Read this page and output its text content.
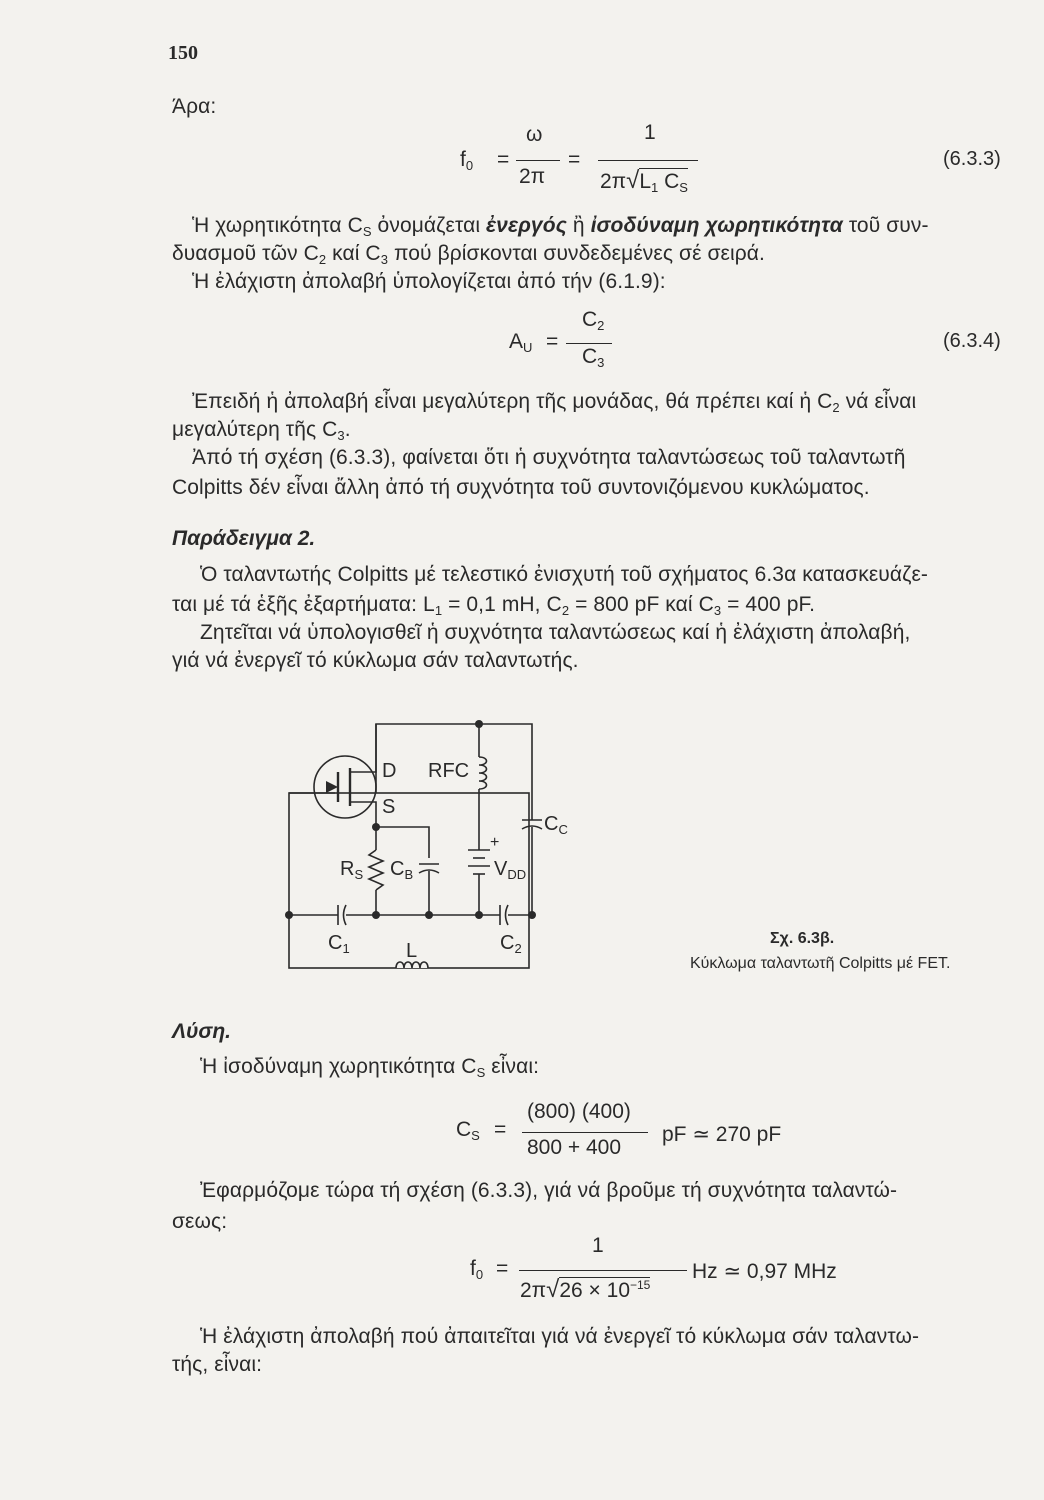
150
Άρα:
$f_0$ =
ω
2π
=
1
$2\pi√L_1$ $C_S$
(6.3.3)
Ἡ χωρητικότητα $C_S$ ὀνομάζεται ἐνεργός ἢ ἰσοδύναμη χωρητικότητα τοῦ συν-
δυασμοῦ τῶν $C_2$ καί $C_3$ πού βρίσκονται συνδεδεμένες σέ σειρά.
Ἡ ἐλάχιστη ἀπολαβή ὑπολογίζεται ἀπό τήν (6.1.9):
$A_U$ =
$C_2$
$C_3$
(6.3.4)
Ἐπειδή ἡ ἀπολαβή εἶναι μεγαλύτερη τῆς μονάδας, θά πρέπει καί ἡ $C_2$ νά εἶναι
μεγαλύτερη τῆς $C_3$.
Ἀπό τή σχέση (6.3.3), φαίνεται ὅτι ἡ συχνότητα ταλαντώσεως τοῦ ταλαντωτῆ
Colpitts δέν εἶναι ἄλλη ἀπό τή συχνότητα τοῦ συντονιζόμενου κυκλώματος.
Παράδειγμα 2.
Ὁ ταλαντωτής Colpitts μέ τελεστικό ἐνισχυτή τοῦ σχήματος 6.3α κατασκευάζε-
ται μέ τά ἑξῆς ἐξαρτήματα: $L_1 = 0,1$ mH, $C_2 = 800$ pF καί $C_3 = 400$ pF.
Ζητεῖται νά ὑπολογισθεῖ ἡ συχνότητα ταλαντώσεως καί ἡ ἐλάχιστη ἀπολαβή,
γιά νά ἐνεργεῖ τό κύκλωμα σάν ταλαντωτής.
D
S
RFC
$C_C$
+
$R_S$ $C_B$	$V_{DD}$
$C_1$	$C_2$
L
Σχ. 6.3β.
Κύκλωμα ταλαντωτῆ Colpitts μέ FET.
Λύση.
Ἡ ἰσοδύναμη χωρητικότητα $C_S$ εἶναι:
$C_S$ =
(800) (400)
800 + 400
pF ≃ 270 pF
Ἐφαρμόζομε τώρα τή σχέση (6.3.3), γιά νά βροῦμε τή συχνότητα ταλαντώ-
σεως:
$f_0$ =
1
$2\pi√26 \times 10^{-15}$
Hz ≃ 0,97 MHz
Ἡ ἐλάχιστη ἀπολαβή πού ἀπαιτεῖται γιά νά ἐνεργεῖ τό κύκλωμα σάν ταλαντω-
τής, εἶναι:
